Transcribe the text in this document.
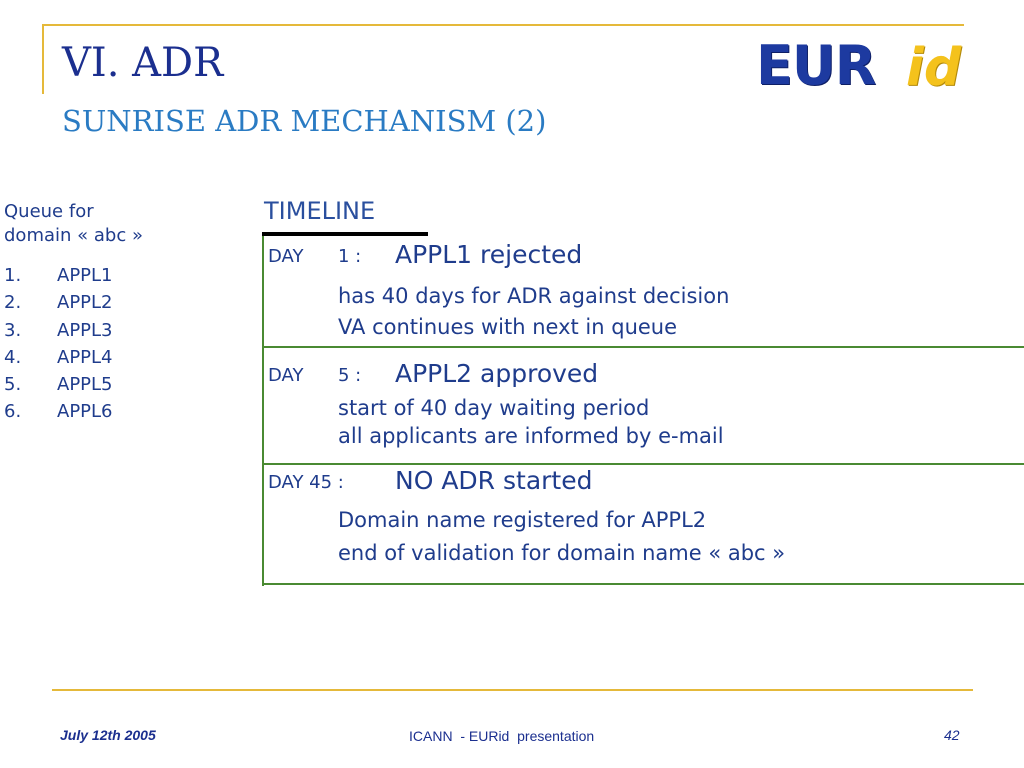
VI. ADR
SUNRISE ADR MECHANISM (2)
EUR id
Queue for
domain « abc »
1. APPL1
2. APPL2
3. APPL3
4. APPL4
5. APPL5
6. APPL6
TIMELINE
DAY 1 : APPL1 rejected
has 40 days for ADR against decision
VA continues with next in queue
DAY 5 : APPL2 approved
start of 40 day waiting period
all applicants are informed by e-mail
DAY 45 : NO ADR started
Domain name registered for APPL2
end of validation for domain name « abc »
July 12th 2005	ICANN  - EURid  presentation	42
